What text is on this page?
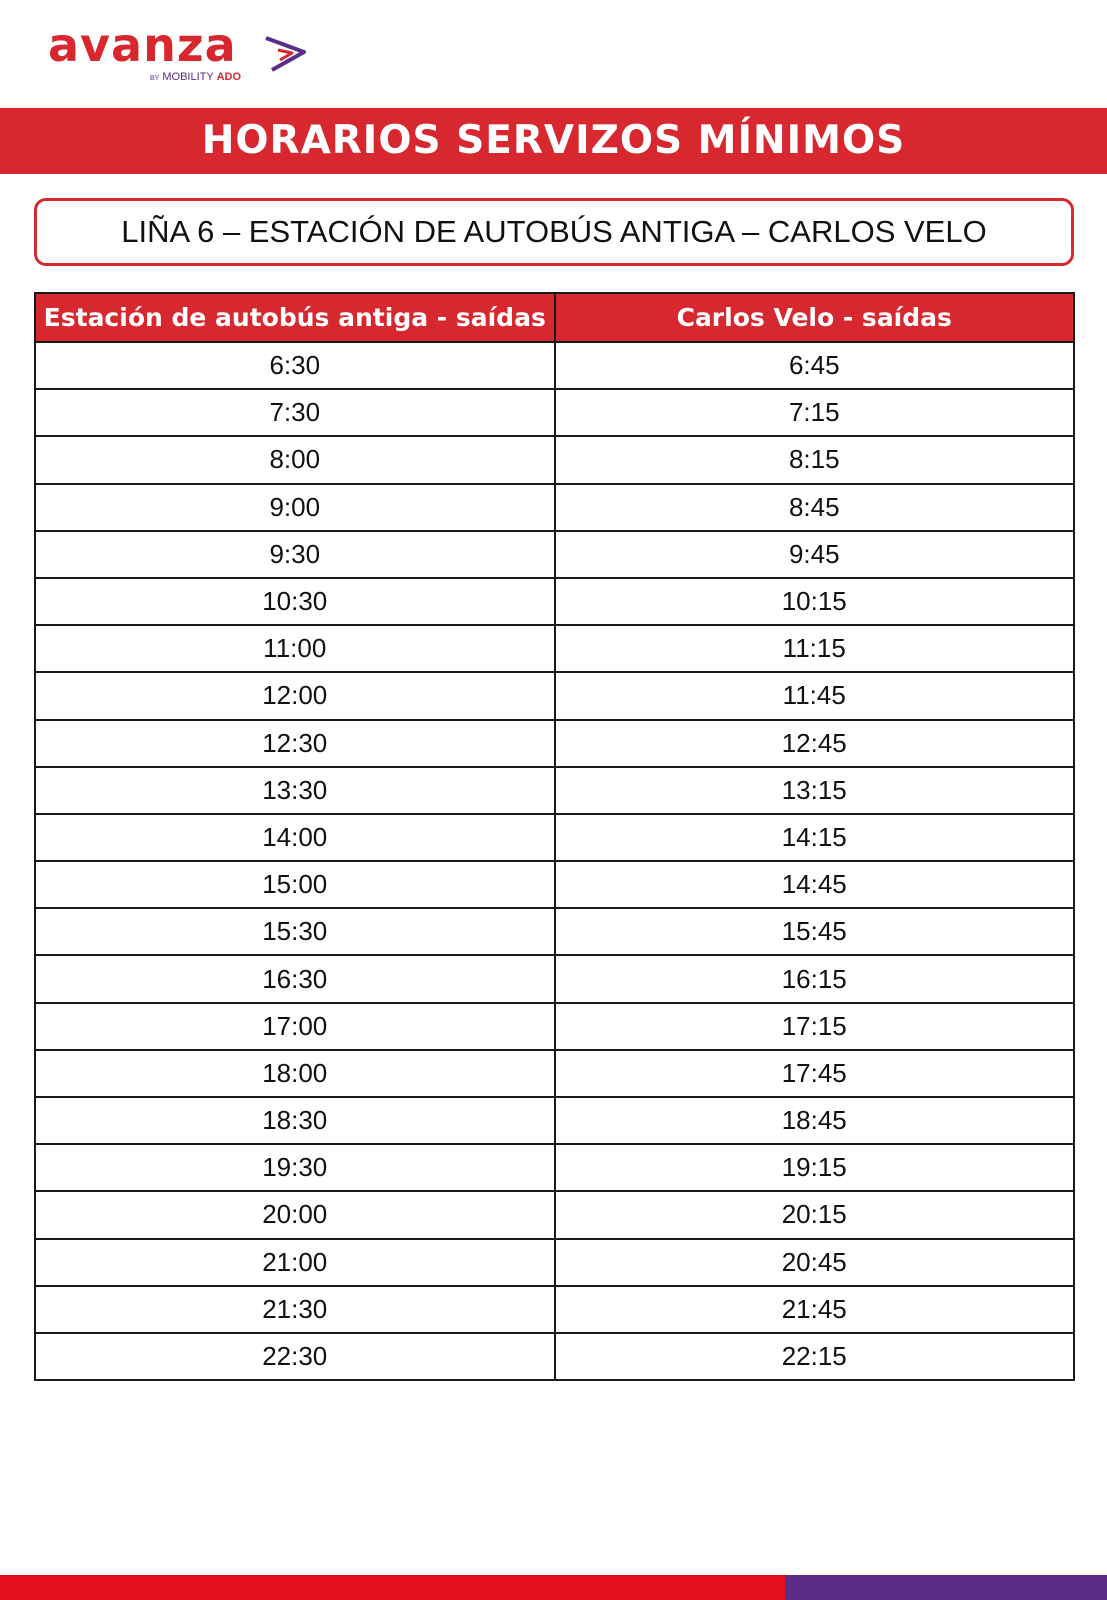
avanza
BY MOBILITY ADO
HORARIOS SERVIZOS MÍNIMOS
LIÑA 6 – ESTACIÓN DE AUTOBÚS ANTIGA – CARLOS VELO
Estación de autobús antiga - saídas	Carlos Velo - saídas
6:30	6:45
7:30	7:15
8:00	8:15
9:00	8:45
9:30	9:45
10:30	10:15
11:00	11:15
12:00	11:45
12:30	12:45
13:30	13:15
14:00	14:15
15:00	14:45
15:30	15:45
16:30	16:15
17:00	17:15
18:00	17:45
18:30	18:45
19:30	19:15
20:00	20:15
21:00	20:45
21:30	21:45
22:30	22:15
